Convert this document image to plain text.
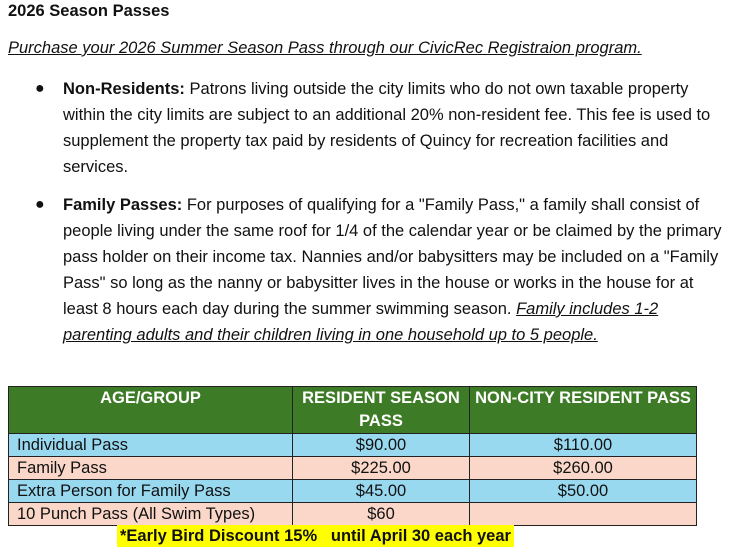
2026 Season Passes
Purchase your 2026 Summer Season Pass through our CivicRec Registraion program.
● Non-Residents: Patrons living outside the city limits who do not own taxable property within the city limits are subject to an additional 20% non-resident fee. This fee is used to supplement the property tax paid by residents of Quincy for recreation facilities and services.
● Family Passes: For purposes of qualifying for a "Family Pass," a family shall consist of people living under the same roof for 1/4 of the calendar year or be claimed by the primary pass holder on their income tax. Nannies and/or babysitters may be included on a "Family Pass" so long as the nanny or babysitter lives in the house or works in the house for at least 8 hours each day during the summer swimming season. Family includes 1-2 parenting adults and their children living in one household up to 5 people.
AGE/GROUP	RESIDENT SEASON PASS	NON-CITY RESIDENT PASS
Individual Pass	$90.00	$110.00
Family Pass	$225.00	$260.00
Extra Person for Family Pass	$45.00	$50.00
10 Punch Pass (All Swim Types)	$60	
*Early Bird Discount 15%   until April 30 each year
